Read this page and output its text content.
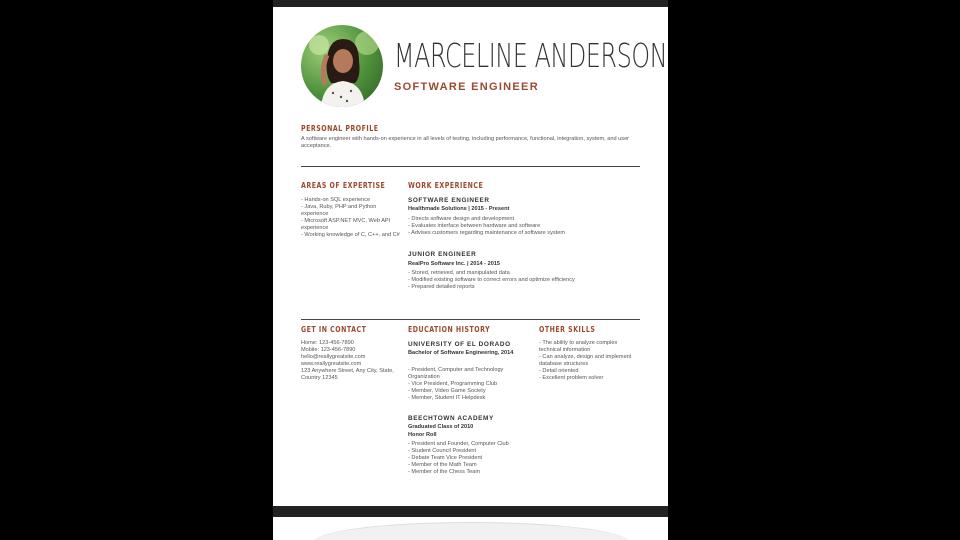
MARCELINE ANDERSON
SOFTWARE ENGINEER
PERSONAL PROFILE
A software engineer with hands-on experience in all levels of testing, including performance, functional, integration, system, and user acceptance.
AREAS OF EXPERTISE
- Hands-on SQL experience
- Java, Ruby, PHP and Python experience
- Microsoft ASP.NET MVC, Web API experience
- Working knowledge of C, C++, and C#
WORK EXPERIENCE
SOFTWARE ENGINEER
Healthmade Solutions | 2015 - Present
- Directs software design and development
- Evaluates interface between hardware and software
- Advises customers regarding maintenance of software system
JUNIOR ENGINEER
RealPro Software Inc. | 2014 - 2015
- Stored, retrieved, and manipulated data
- Modified existing software to correct errors and optimize efficiency
- Prepared detailed reports
GET IN CONTACT
Home: 123-456-7890
Mobile: 123-456-7890
hello@reallygreatsite.com
www.reallygreatsite.com
123 Anywhere Street, Any City, State, Country 12345
EDUCATION HISTORY
UNIVERSITY OF EL DORADO
Bachelor of Software Engineering, 2014
- President, Computer and Technology Organization
- Vice President, Programming Club
- Member, Video Game Society
- Member, Student IT Helpdesk
BEECHTOWN ACADEMY
Graduated Class of 2010
Honor Roll
- President and Founder, Computer Club
- Student Council President
- Debate Team Vice President
- Member of the Math Team
- Member of the Chess Team
OTHER SKILLS
- The ability to analyze complex technical information
- Can analyze, design and implement database structures
- Detail oriented
- Excellent problem solver
